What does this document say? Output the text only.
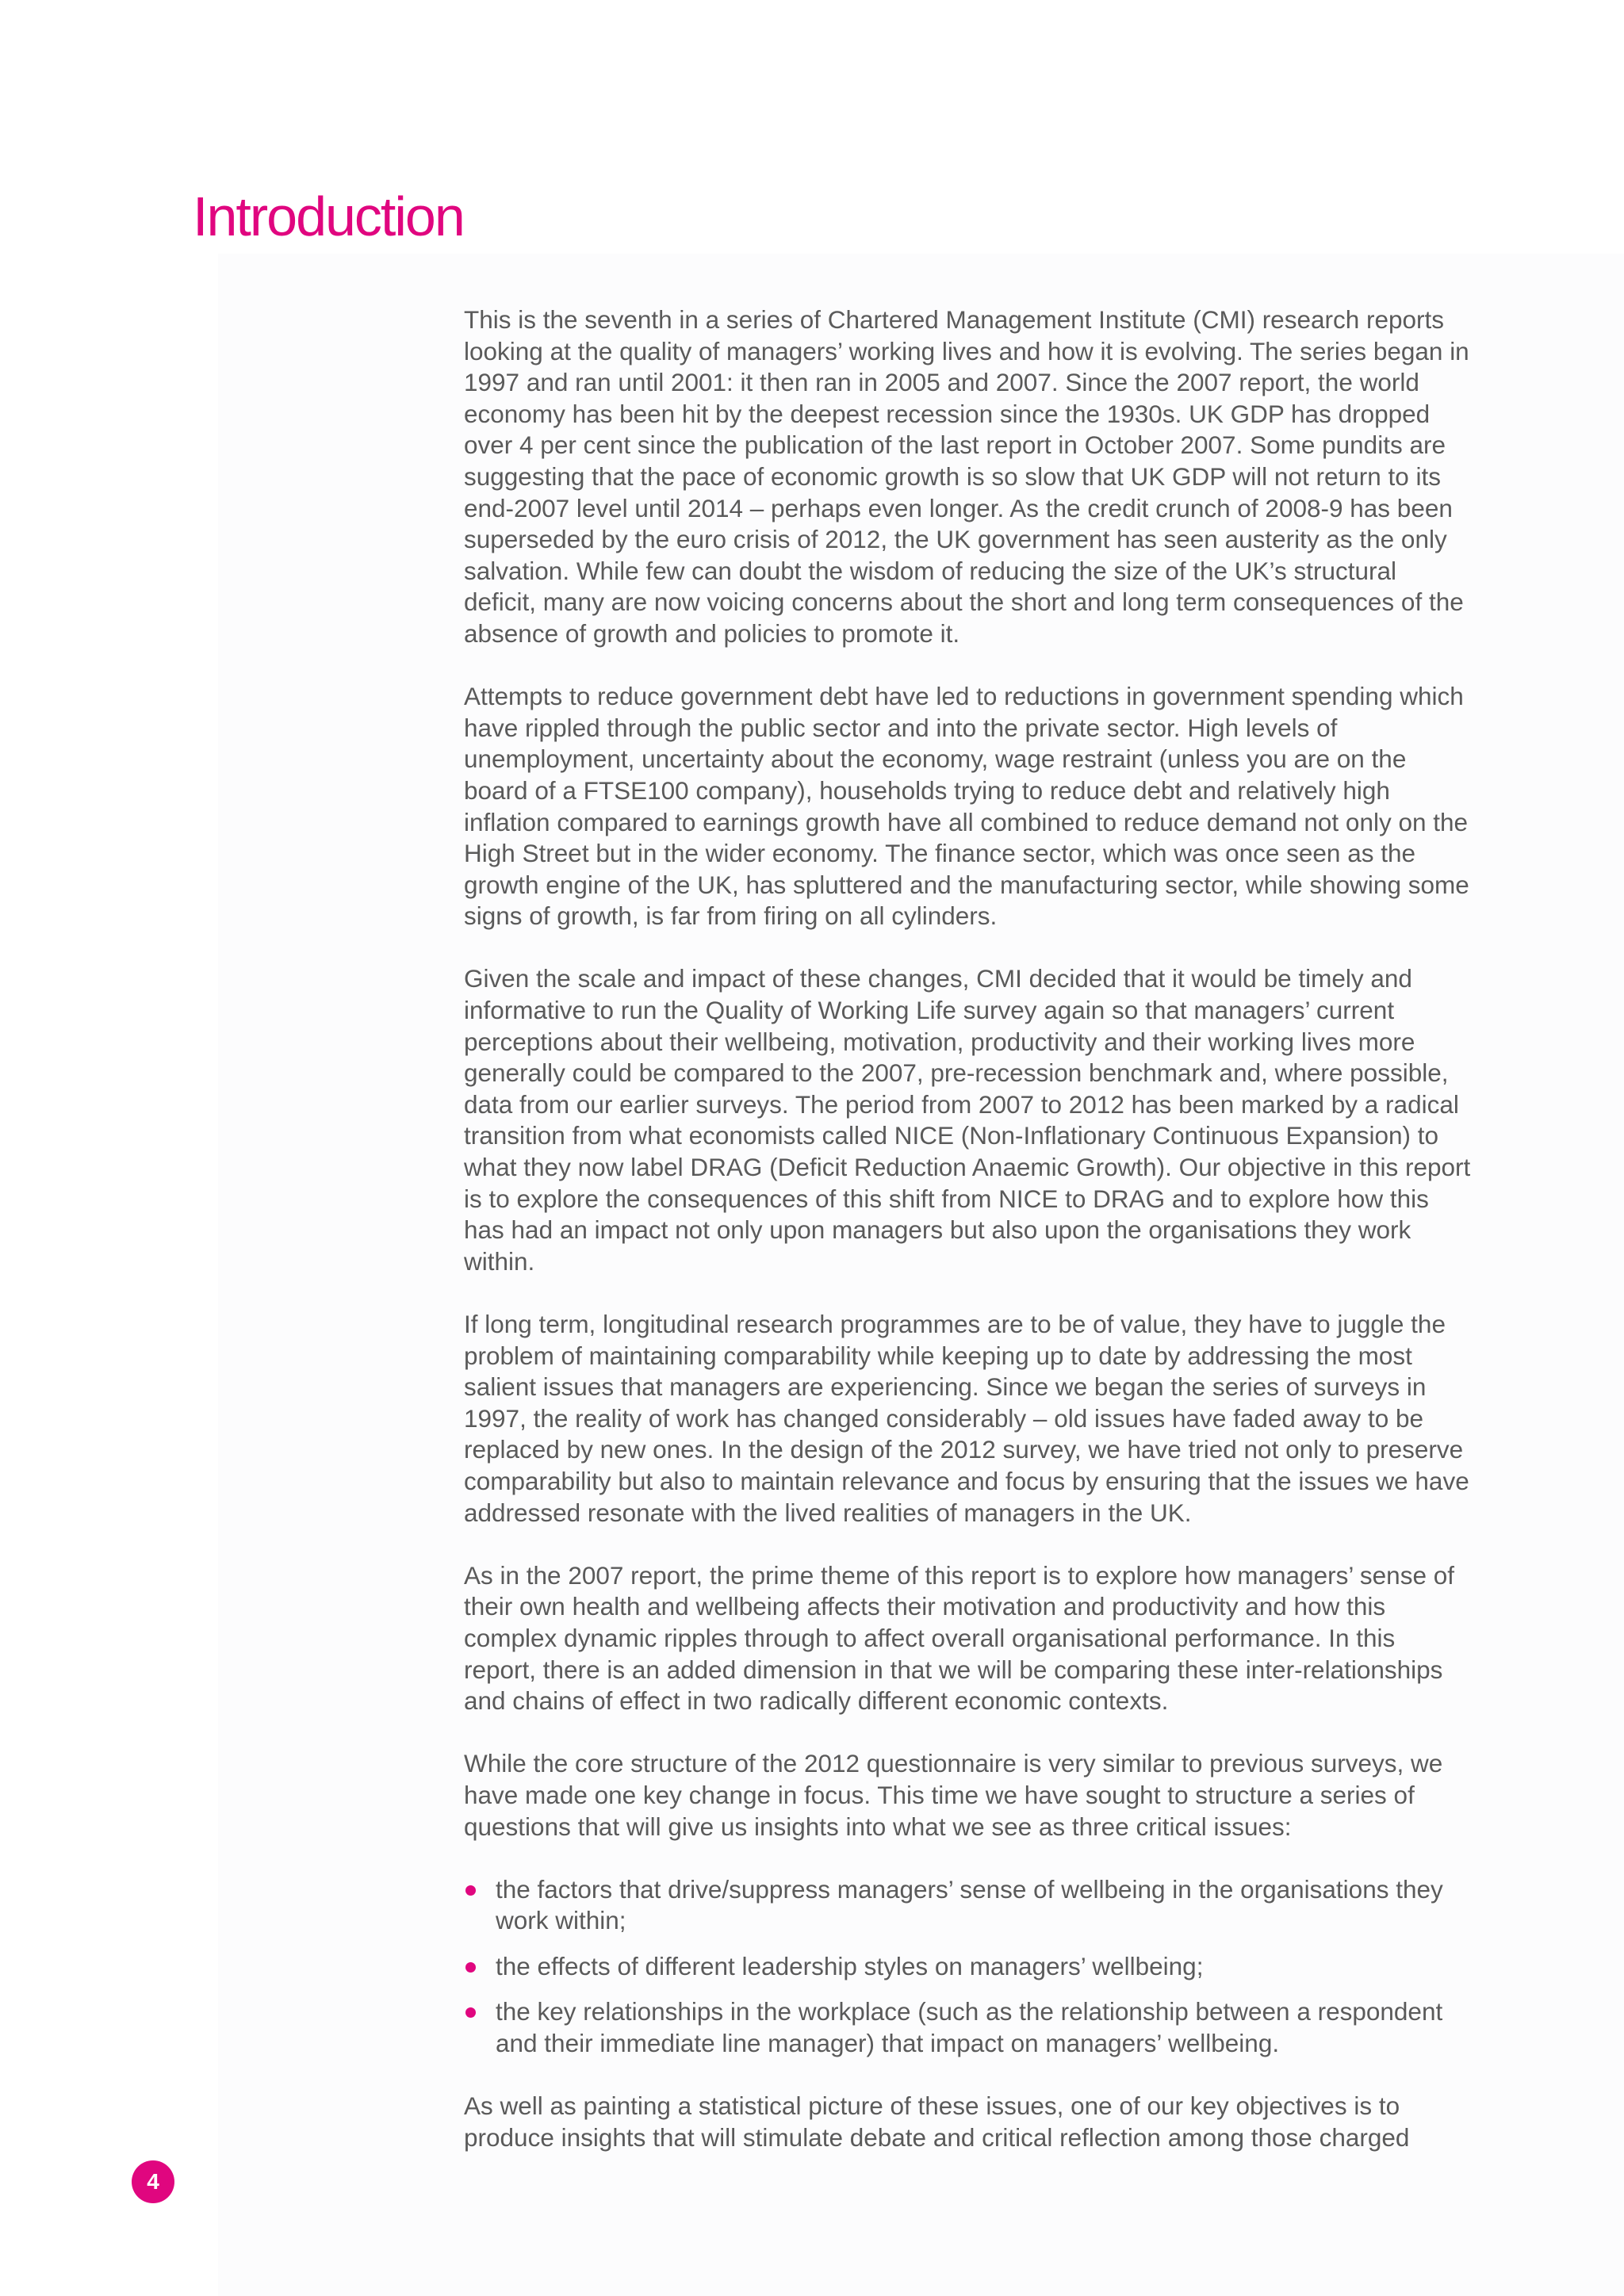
Introduction

This is the seventh in a series of Chartered Management Institute (CMI) research reports looking at the quality of managers’ working lives and how it is evolving. The series began in 1997 and ran until 2001: it then ran in 2005 and 2007. Since the 2007 report, the world economy has been hit by the deepest recession since the 1930s. UK GDP has dropped over 4 per cent since the publication of the last report in October 2007. Some pundits are suggesting that the pace of economic growth is so slow that UK GDP will not return to its end-2007 level until 2014 – perhaps even longer. As the credit crunch of 2008-9 has been superseded by the euro crisis of 2012, the UK government has seen austerity as the only salvation. While few can doubt the wisdom of reducing the size of the UK’s structural deficit, many are now voicing concerns about the short and long term consequences of the absence of growth and policies to promote it.

Attempts to reduce government debt have led to reductions in government spending which have rippled through the public sector and into the private sector. High levels of unemployment, uncertainty about the economy, wage restraint (unless you are on the board of a FTSE100 company), households trying to reduce debt and relatively high inflation compared to earnings growth have all combined to reduce demand not only on the High Street but in the wider economy. The finance sector, which was once seen as the growth engine of the UK, has spluttered and the manufacturing sector, while showing some signs of growth, is far from firing on all cylinders.

Given the scale and impact of these changes, CMI decided that it would be timely and informative to run the Quality of Working Life survey again so that managers’ current perceptions about their wellbeing, motivation, productivity and their working lives more generally could be compared to the 2007, pre-recession benchmark and, where possible, data from our earlier surveys. The period from 2007 to 2012 has been marked by a radical transition from what economists called NICE (Non-Inflationary Continuous Expansion) to what they now label DRAG (Deficit Reduction Anaemic Growth). Our objective in this report is to explore the consequences of this shift from NICE to DRAG and to explore how this has had an impact not only upon managers but also upon the organisations they work within.

If long term, longitudinal research programmes are to be of value, they have to juggle the problem of maintaining comparability while keeping up to date by addressing the most salient issues that managers are experiencing. Since we began the series of surveys in 1997, the reality of work has changed considerably – old issues have faded away to be replaced by new ones. In the design of the 2012 survey, we have tried not only to preserve comparability but also to maintain relevance and focus by ensuring that the issues we have addressed resonate with the lived realities of managers in the UK.

As in the 2007 report, the prime theme of this report is to explore how managers’ sense of their own health and wellbeing affects their motivation and productivity and how this complex dynamic ripples through to affect overall organisational performance. In this report, there is an added dimension in that we will be comparing these inter-relationships and chains of effect in two radically different economic contexts.

While the core structure of the 2012 questionnaire is very similar to previous surveys, we have made one key change in focus. This time we have sought to structure a series of questions that will give us insights into what we see as three critical issues:

the factors that drive/suppress managers’ sense of wellbeing in the organisations they work within;
the effects of different leadership styles on managers’ wellbeing;
the key relationships in the workplace (such as the relationship between a respondent and their immediate line manager) that impact on managers’ wellbeing.

As well as painting a statistical picture of these issues, one of our key objectives is to produce insights that will stimulate debate and critical reflection among those charged

4
